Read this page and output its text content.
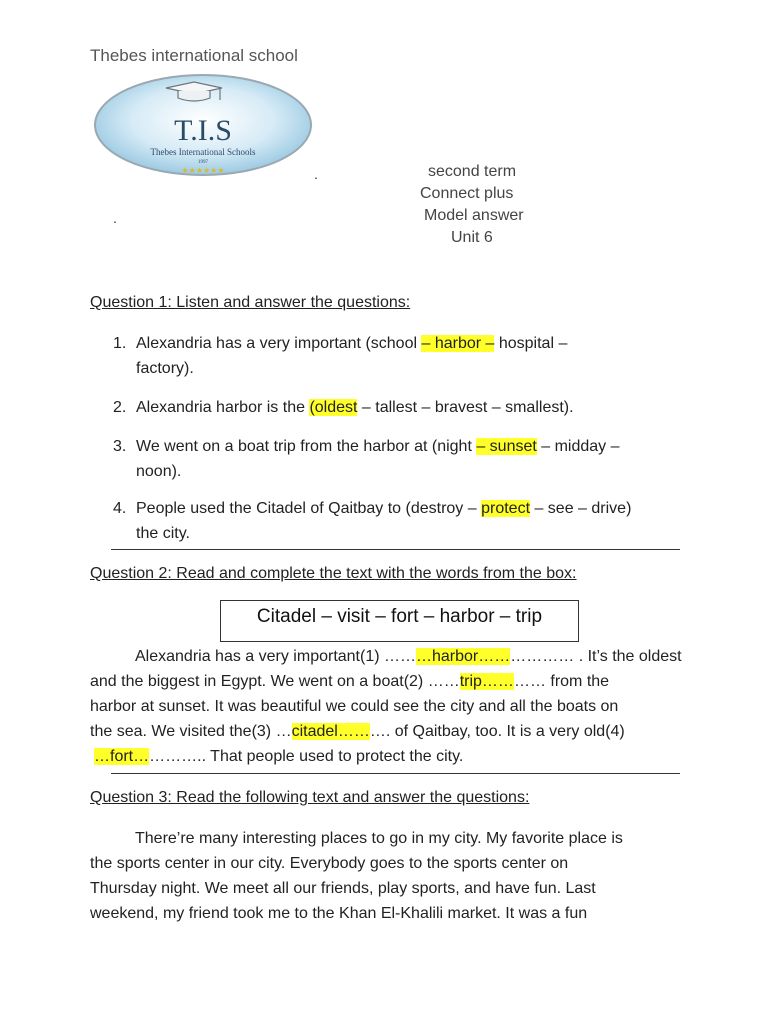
Thebes international school
T.I.S
Thebes International Schools
1997
★★★★★★	.
.
second term
Connect plus
Model answer
Unit 6
Question 1: Listen and answer the questions:
1. Alexandria has a very important (school – harbor – hospital –
factory).
2. Alexandria harbor is the (oldest – tallest – bravest – smallest).
3. We went on a boat trip from the harbor at (night – sunset – midday –
noon).
4. People used the Citadel of Qaitbay to (destroy – protect – see – drive)
the city.
Question 2: Read and complete the text with the words from the box:
Citadel – visit – fort – harbor – trip
Alexandria has a very important(1) ………harbor……………… . It’s the oldest
and the biggest in Egypt. We went on a boat(2) ……trip………… from the
harbor at sunset. It was beautiful we could see the city and all the boats on
the sea. We visited the(3) …citadel………. of Qaitbay, too. It is a very old(4)
…fort………….. That people used to protect the city.
Question 3: Read the following text and answer the questions:
There’re many interesting places to go in my city. My favorite place is
the sports center in our city. Everybody goes to the sports center on
Thursday night. We meet all our friends, play sports, and have fun. Last
weekend, my friend took me to the Khan El-Khalili market. It was a fun
